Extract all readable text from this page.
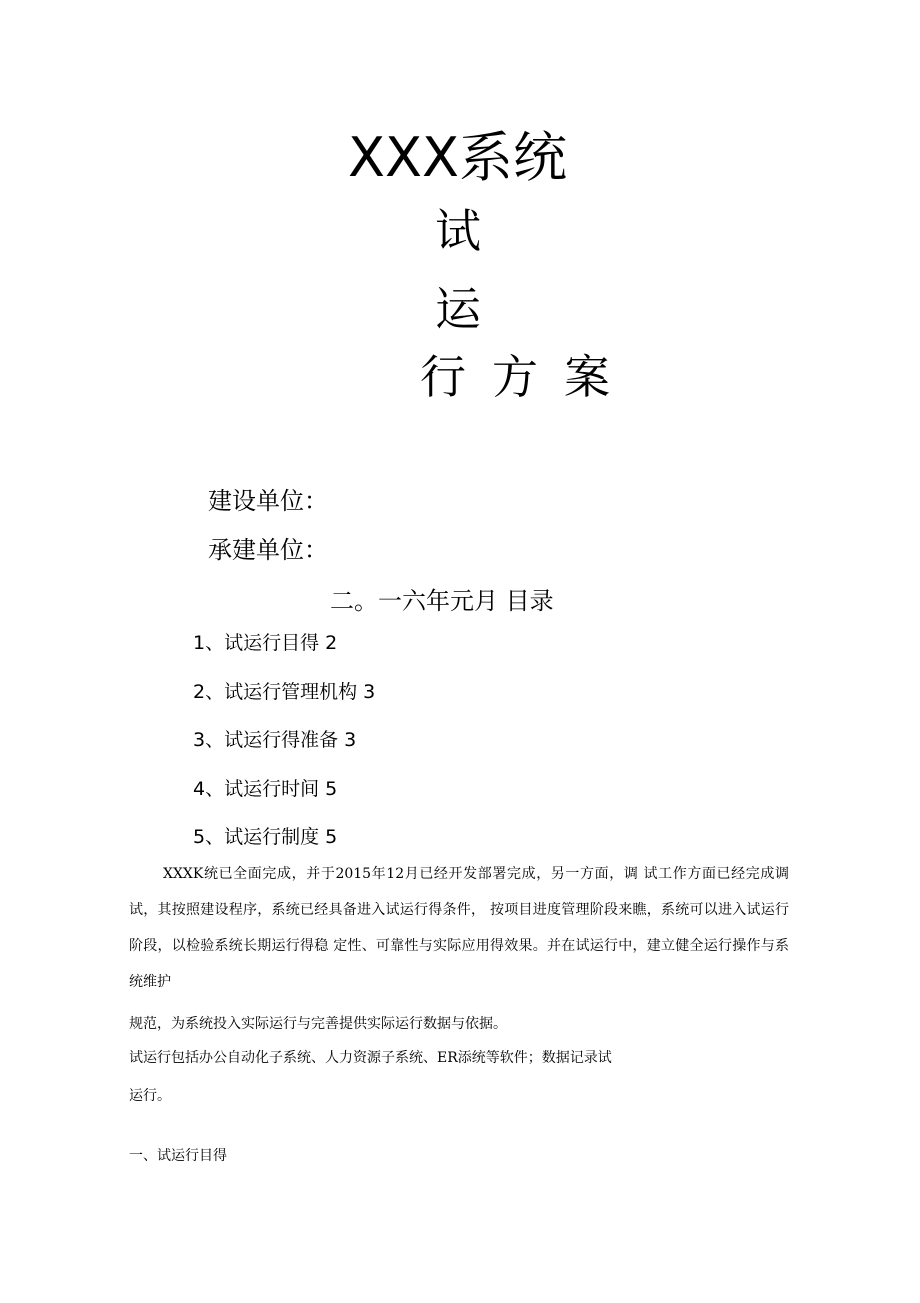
XXX系统
试
运
行方案
建设单位：
承建单位：
二。一六年元月 目录
1、试运行目得 2
2、试运行管理机构 3
3、试运行得准备 3
4、试运行时间 5
5、试运行制度 5
XXXK统已全面完成，并于2015年12月已经开发部署完成，另一方面，调 试工作方面已经完成调试，其按照建设程序，系统已经具备进入试运行得条件， 按项目进度管理阶段来瞧，系统可以进入试运行阶段，以检验系统长期运行得稳 定性、可靠性与实际应用得效果。并在试运行中，建立健全运行操作与系统维护
规范，为系统投入实际运行与完善提供实际运行数据与依据。
试运行包括办公自动化子系统、人力资源子系统、ER添统等软件；数据记录试
运行。
一、试运行目得
